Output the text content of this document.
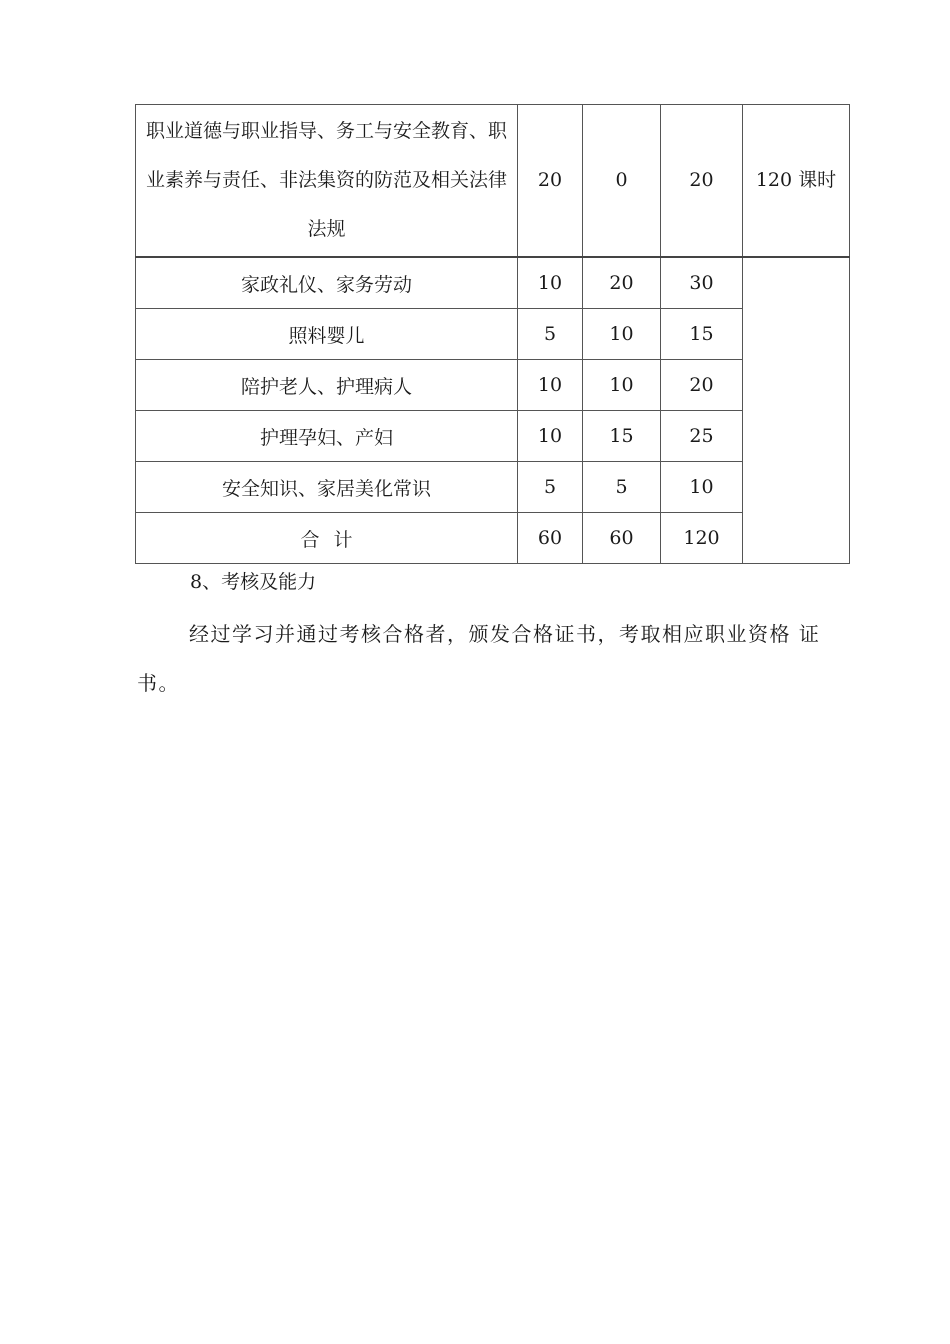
职业道德与职业指导、务工与安全教育、职业素养与责任、非法集资的防范及相关法律法规	20	0	20	120 课时
家政礼仪、家务劳动	10	20	30	
照料婴儿	5	10	15	
陪护老人、护理病人	10	10	20	
护理孕妇、产妇	10	15	25	
安全知识、家居美化常识	5	5	10	
合计	60	60	120	
8、考核及能力

经过学习并通过考核合格者，颁发合格证书，考取相应职业资格 证书。
